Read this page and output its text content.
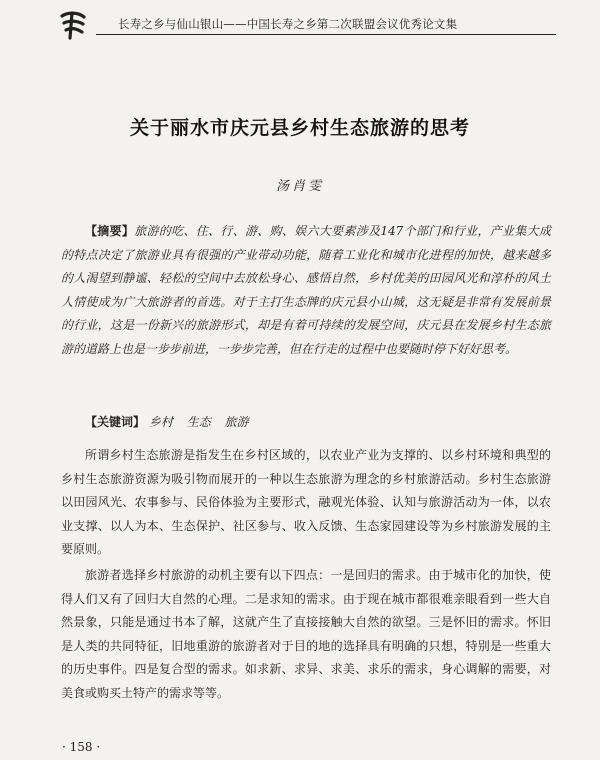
寿	长寿之乡与仙山银山——中国长寿之乡第二次联盟会议优秀论文集
关于丽水市庆元县乡村生态旅游的思考
汤肖雯
【摘要】旅游的吃、住、行、游、购、娱六大要素涉及147个部门和行业，产业集大成的特点决定了旅游业具有很强的产业带动功能，随着工业化和城市化进程的加快，越来越多的人渴望到静谧、轻松的空间中去放松身心、感悟自然，乡村优美的田园风光和淳朴的风土人情使成为广大旅游者的首选。对于主打生态牌的庆元县小山城，这无疑是非常有发展前景的行业，这是一份新兴的旅游形式，却是有着可持续的发展空间，庆元县在发展乡村生态旅游的道路上也是一步步前进，一步步完善，但在行走的过程中也要随时停下好好思考。
【关键词】 乡村 生态 旅游

所谓乡村生态旅游是指发生在乡村区域的，以农业产业为支撑的、以乡村环境和典型的乡村生态旅游资源为吸引物而展开的一种以生态旅游为理念的乡村旅游活动。乡村生态旅游以田园风光、农事参与、民俗体验为主要形式，融观光体验、认知与旅游活动为一体，以农业支撑、以人为本、生态保护、社区参与、收入反馈、生态家园建设等为乡村旅游发展的主要原则。

旅游者选择乡村旅游的动机主要有以下四点：一是回归的需求。由于城市化的加快，使得人们又有了回归大自然的心理。二是求知的需求。由于现在城市都很难亲眼看到一些大自然景象，只能是通过书本了解，这就产生了直接接触大自然的欲望。三是怀旧的需求。怀旧是人类的共同特征，旧地重游的旅游者对于目的地的选择具有明确的只想，特别是一些重大的历史事件。四是复合型的需求。如求新、求异、求美、求乐的需求，身心调解的需要，对美食或购买土特产的需求等等。

· 158 ·
